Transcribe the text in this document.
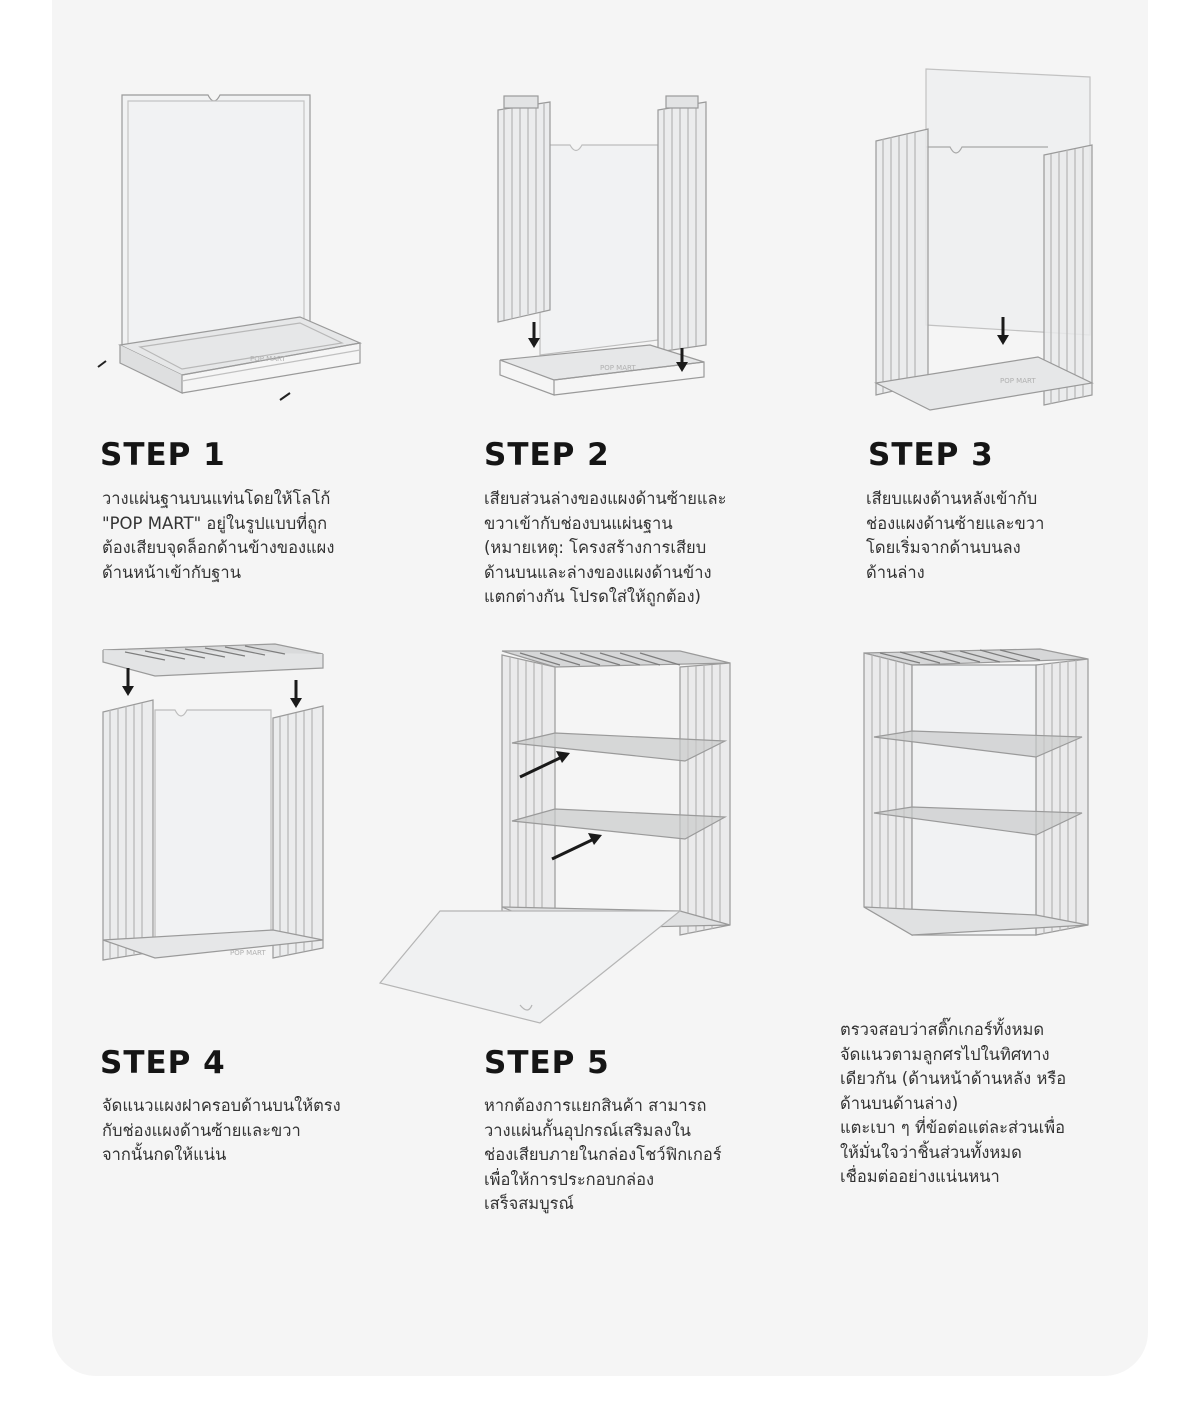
POP MART
POP MART
POP MART
STEP 1

วางแผ่นฐานบนแท่นโดยให้โลโก้
"POP MART" อยู่ในรูปแบบที่ถูก
ต้องเสียบจุดล็อกด้านข้างของแผง
ด้านหน้าเข้ากับฐาน

STEP 2

เสียบส่วนล่างของแผงด้านซ้ายและ
ขวาเข้ากับช่องบนแผ่นฐาน
(หมายเหตุ: โครงสร้างการเสียบ
ด้านบนและล่างของแผงด้านข้าง
แตกต่างกัน โปรดใส่ให้ถูกต้อง)

STEP 3

เสียบแผงด้านหลังเข้ากับ
ช่องแผงด้านซ้ายและขวา
โดยเริ่มจากด้านบนลง
ด้านล่าง

POP MART
STEP 4

จัดแนวแผงฝาครอบด้านบนให้ตรง
กับช่องแผงด้านซ้ายและขวา
จากนั้นกดให้แน่น

STEP 5

หากต้องการแยกสินค้า สามารถ
วางแผ่นกั้นอุปกรณ์เสริมลงใน
ช่องเสียบภายในกล่องโชว์ฟิกเกอร์
เพื่อให้การประกอบกล่อง
เสร็จสมบูรณ์

ตรวจสอบว่าสติ๊กเกอร์ทั้งหมด
จัดแนวตามลูกศรไปในทิศทาง
เดียวกัน (ด้านหน้าด้านหลัง หรือ
ด้านบนด้านล่าง)
แตะเบา ๆ ที่ข้อต่อแต่ละส่วนเพื่อ
ให้มั่นใจว่าชิ้นส่วนทั้งหมด
เชื่อมต่ออย่างแน่นหนา
